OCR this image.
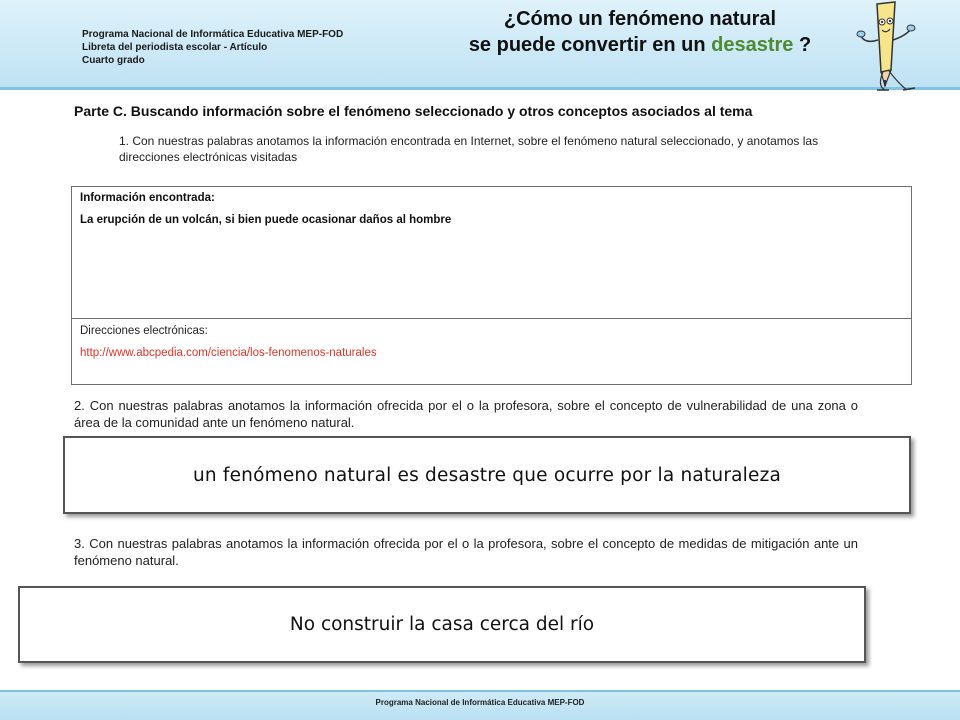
Programa Nacional de Informática Educativa MEP-FOD
Libreta del periodista escolar - Artículo
Cuarto grado
¿Cómo un fenómeno natural
se puede convertir en un desastre ?
Parte C. Buscando información sobre el fenómeno seleccionado y otros conceptos asociados al tema
1. Con nuestras palabras anotamos la información encontrada en Internet, sobre el fenómeno natural seleccionado, y anotamos las direcciones electrónicas visitadas
Información encontrada:
La erupción de un volcán, si bien puede ocasionar daños al hombre
Direcciones electrónicas:
http://www.abcpedia.com/ciencia/los-fenomenos-naturales
2. Con nuestras palabras anotamos la información ofrecida por el o la profesora, sobre el concepto de vulnerabilidad de una zona o área de la comunidad ante un fenómeno natural.
un fenómeno natural es desastre que ocurre por la naturaleza
3. Con nuestras palabras anotamos la información ofrecida por el o la profesora, sobre el concepto de medidas de mitigación ante un fenómeno natural.
No construir la casa cerca del río
Programa Nacional de Informática Educativa MEP-FOD
